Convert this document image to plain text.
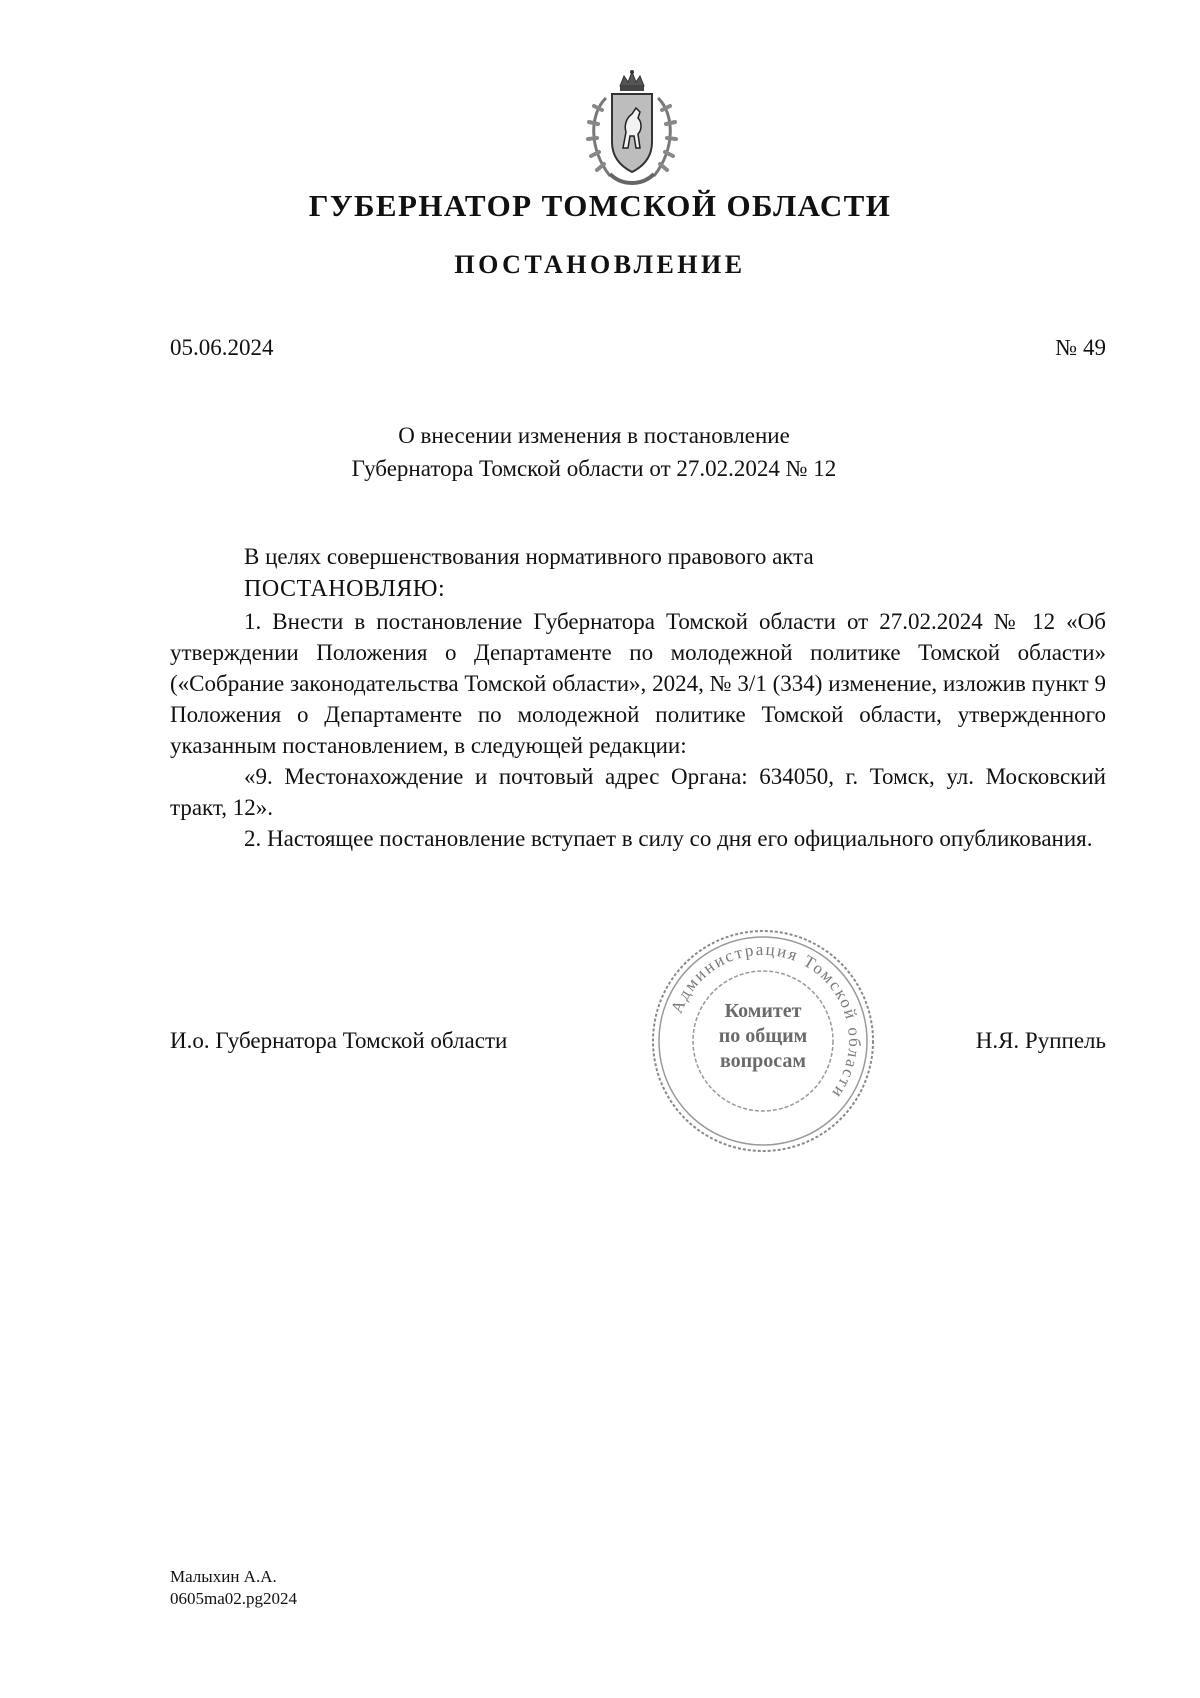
ГУБЕРНАТОР ТОМСКОЙ ОБЛАСТИ
ПОСТАНОВЛЕНИЕ
05.06.2024	№ 49
О внесении изменения в постановление
Губернатора Томской области от 27.02.2024 № 12

В целях совершенствования нормативного правового акта

ПОСТАНОВЛЯЮ:

1. Внести в постановление Губернатора Томской области от 27.02.2024 № 12 «Об утверждении Положения о Департаменте по молодежной политике Томской области» («Собрание законодательства Томской области», 2024, № 3/1 (334) изменение, изложив пункт 9 Положения о Департаменте по молодежной политике Томской области, утвержденного указанным постановлением, в следующей редакции:

«9. Местонахождение и почтовый адрес Органа: 634050, г. Томск, ул. Московский тракт, 12».

2. Настоящее постановление вступает в силу со дня его официального опубликования.

Администрация Томской области
Комитет
по общим
вопросам
И.о. Губернатора Томской области	Н.Я. Руппель
Малыхин А.А.
0605ma02.pg2024
